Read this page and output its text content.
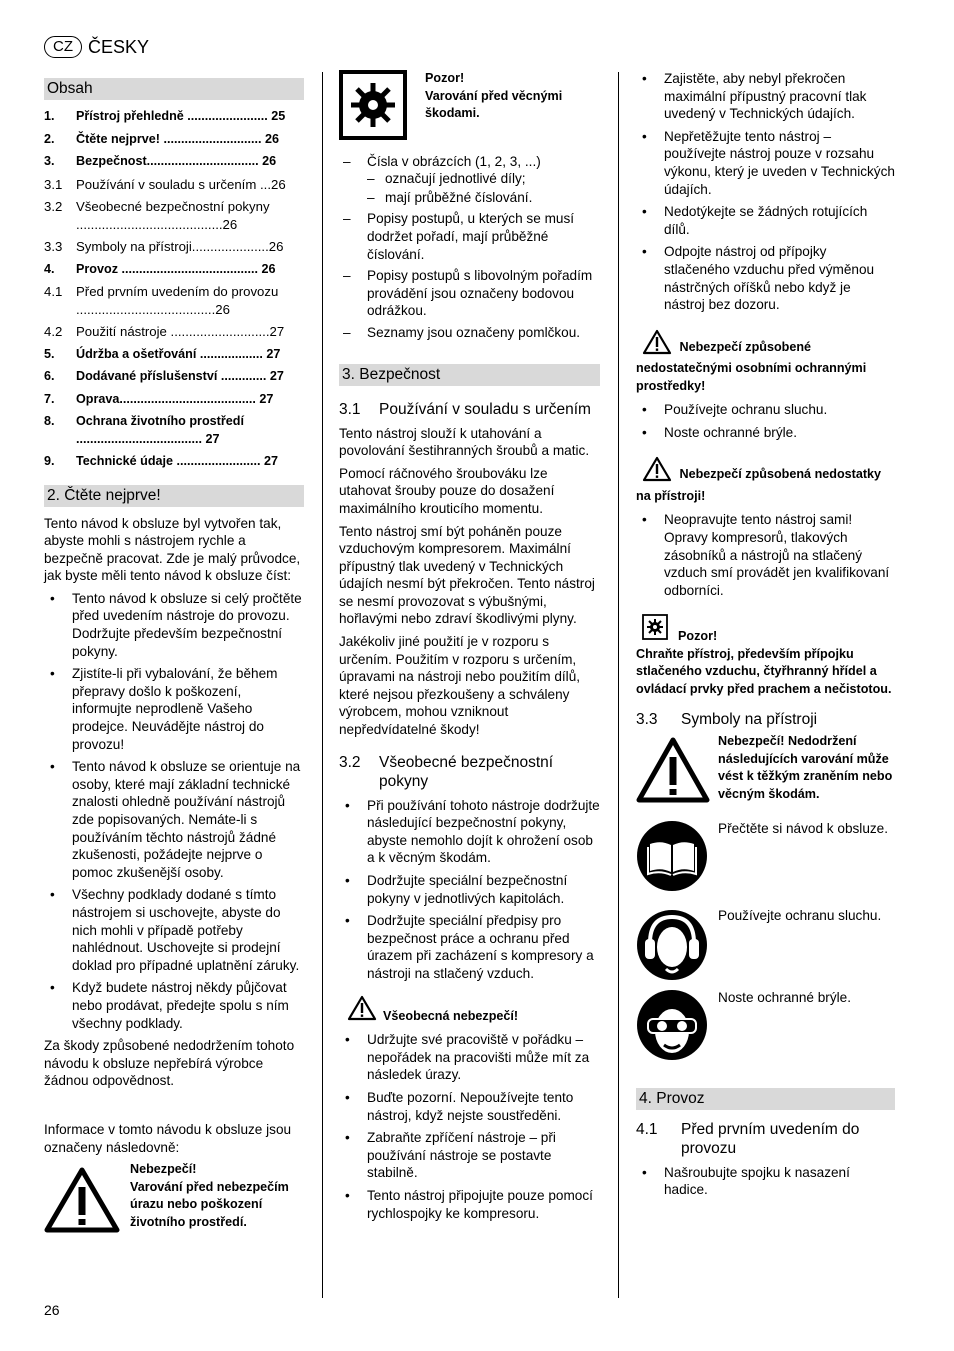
CZ ČESKY
Obsah
1.	Přístroj přehledně ....................... 25
2.	Čtěte nejprve! ............................ 26
3.	Bezpečnost................................ 26
3.1	Používání v souladu s určením ...26
3.2	Všeobecné bezpečnostní pokyny ........................................26
3.3	Symboly na přístroji.....................26
4.	Provoz ....................................... 26
4.1	Před prvním uvedením do provozu ......................................26
4.2	Použití nástroje ...........................27
5.	Údržba a ošetřování .................. 27
6.	Dodávané příslušenství ............. 27
7.	Oprava....................................... 27
8.	Ochrana životního prostředí .................................... 27
9.	Technické údaje ........................ 27
2. Čtěte nejprve!

Tento návod k obsluze byl vytvořen tak, abyste mohli s nástrojem rychle a bezpečně pracovat. Zde je malý průvodce, jak byste měli tento návod k obsluze číst:

• Tento návod k obsluze si celý pročtěte před uvedením nástroje do provozu. Dodržujte především bezpečnostní pokyny.
• Zjistíte-li při vybalování, že během přepravy došlo k poškození, informujte neprodleně Vašeho prodejce. Neuvádějte nástroj do provozu!
• Tento návod k obsluze se orientuje na osoby, které mají základní technické znalosti ohledně používání nástrojů zde popisovaných. Nemáte-li s používáním těchto nástrojů žádné zkušenosti, požádejte nejprve o pomoc zkušenější osoby.
• Všechny podklady dodané s tímto nástrojem si uschovejte, abyste do nich mohli v případě potřeby nahlédnout. Uschovejte si prodejní doklad pro případné uplatnění záruky.
• Když budete nástroj někdy půjčovat nebo prodávat, předejte spolu s ním všechny podklady.

Za škody způsobené nedodržením tohoto návodu k obsluze nepřebírá výrobce žádnou odpovědnost.

Informace v tomto návodu k obsluze jsou označeny následovně:

Nebezpečí!
Varování před nebezpečím úrazu nebo poškození životního prostředí.
Pozor!
Varování před věcnými škodami.
– Čísla v obrázcích (1, 2, 3, ...)
– označují jednotlivé díly;
– mají průběžné číslování.
– Popisy postupů, u kterých se musí dodržet pořadí, mají průběžné číslování.
– Popisy postupů s libovolným pořadím provádění jsou označeny bodovou odrážkou.
– Seznamy jsou označeny pomlčkou.
3. Bezpečnost
3.1	Používání v souladu s určením

Tento nástroj slouží k utahování a povolování šestihranných šroubů a matic.

Pomocí ráčnového šroubováku lze utahovat šrouby pouze do dosažení maximálního krouticího momentu.

Tento nástroj smí být poháněn pouze vzduchovým kompresorem. Maximální přípustný tlak uvedený v Technických údajích nesmí být překročen. Tento nástroj se nesmí provozovat s výbušnými, hořlavými nebo zdraví škodlivými plyny.

Jakékoliv jiné použití je v rozporu s určením. Použitím v rozporu s určením, úpravami na nástroji nebo použitím dílů, které nejsou přezkoušeny a schváleny výrobcem, mohou vzniknout nepředvídatelné škody!

3.2	Všeobecné bezpečnostní pokyny
• Při používání tohoto nástroje dodržujte následující bezpečnostní pokyny, abyste nemohlo dojít k ohrožení osob a k věcným škodám.
• Dodržujte speciální bezpečnostní pokyny v jednotlivých kapitolách.
• Dodržujte speciální předpisy pro bezpečnost práce a ochranu před úrazem při zacházení s kompresory a nástroji na stlačený vzduch.
Všeobecná nebezpečí!
• Udržujte své pracoviště v pořádku – nepořádek na pracovišti může mít za následek úrazy.
• Buďte pozorní. Nepoužívejte tento nástroj, když nejste soustředěni.
• Zabraňte zpříčení nástroje – při používání nástroje se postavte stabilně.
• Tento nástroj připojujte pouze pomocí rychlospojky ke kompresoru.
• Zajistěte, aby nebyl překročen maximální přípustný pracovní tlak uvedený v Technických údajích.
• Nepřetěžujte tento nástroj – používejte nástroj pouze v rozsahu výkonu, který je uveden v Technických údajích.
• Nedotýkejte se žádných rotujících dílů.
• Odpojte nástroj od přípojky stlačeného vzduchu před výměnou nástrčných oříšků nebo když je nástroj bez dozoru.
Nebezpečí způsobené nedostatečnými osobními ochrannými prostředky!
• Používejte ochranu sluchu.
• Noste ochranné brýle.
Nebezpečí způsobená nedostatky na přístroji!
• Neopravujte tento nástroj sami! Opravy kompresorů, tlakových zásobníků a nástrojů na stlačený vzduch smí provádět jen kvalifikovaní odborníci.
Pozor!
Chraňte přístroj, především přípojku stlačeného vzduchu, čtyřhranný hřídel a ovládací prvky před prachem a nečistotou.
3.3	Symboly na přístroji
Nebezpečí! Nedodržení následujících varování může vést k těžkým zraněním nebo věcným škodám.
Přečtěte si návod k obsluze.
Používejte ochranu sluchu.
Noste ochranné brýle.
4. Provoz
4.1	Před prvním uvedením do provozu
• Našroubujte spojku k nasazení hadice.
26
